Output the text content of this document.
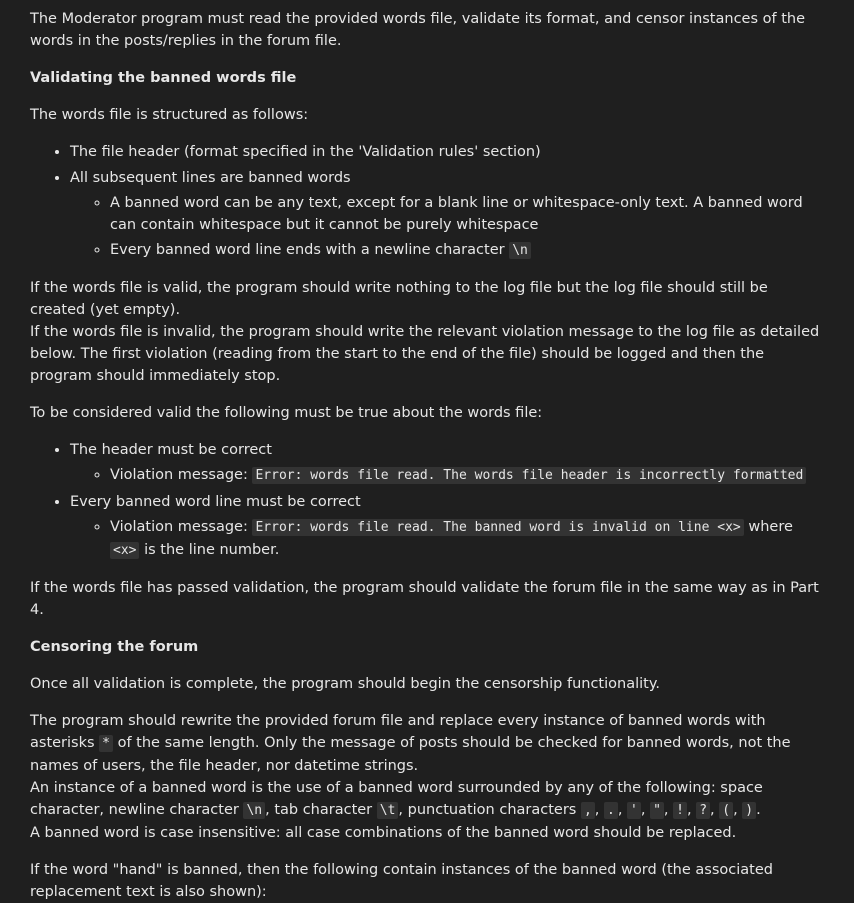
The Moderator program must read the provided words file, validate its format, and censor instances of the words in the posts/replies in the forum file.

Validating the banned words file

The words file is structured as follows:

• The file header (format specified in the 'Validation rules' section)
• All subsequent lines are banned words
◦ A banned word can be any text, except for a blank line or whitespace-only text. A banned word can contain whitespace but it cannot be purely whitespace
◦ Every banned word line ends with a newline character \n

If the words file is valid, the program should write nothing to the log file but the log file should still be created (yet empty).

If the words file is invalid, the program should write the relevant violation message to the log file as detailed below. The first violation (reading from the start to the end of the file) should be logged and then the program should immediately stop.

To be considered valid the following must be true about the words file:

• The header must be correct
◦ Violation message: Error: words file read. The words file header is incorrectly formatted
• Every banned word line must be correct
◦ Violation message: Error: words file read. The banned word is invalid on line <x> where <x> is the line number.

If the words file has passed validation, the program should validate the forum file in the same way as in Part 4.

Censoring the forum

Once all validation is complete, the program should begin the censorship functionality.

The program should rewrite the provided forum file and replace every instance of banned words with asterisks * of the same length. Only the message of posts should be checked for banned words, not the names of users, the file header, nor datetime strings.

An instance of a banned word is the use of a banned word surrounded by any of the following: space character, newline character \n , tab character \t , punctuation characters , , . , ' , " , ! , ? , ( , ) .

A banned word is case insensitive: all case combinations of the banned word should be replaced.

If the word "hand" is banned, then the following contain instances of the banned word (the associated replacement text is also shown):
